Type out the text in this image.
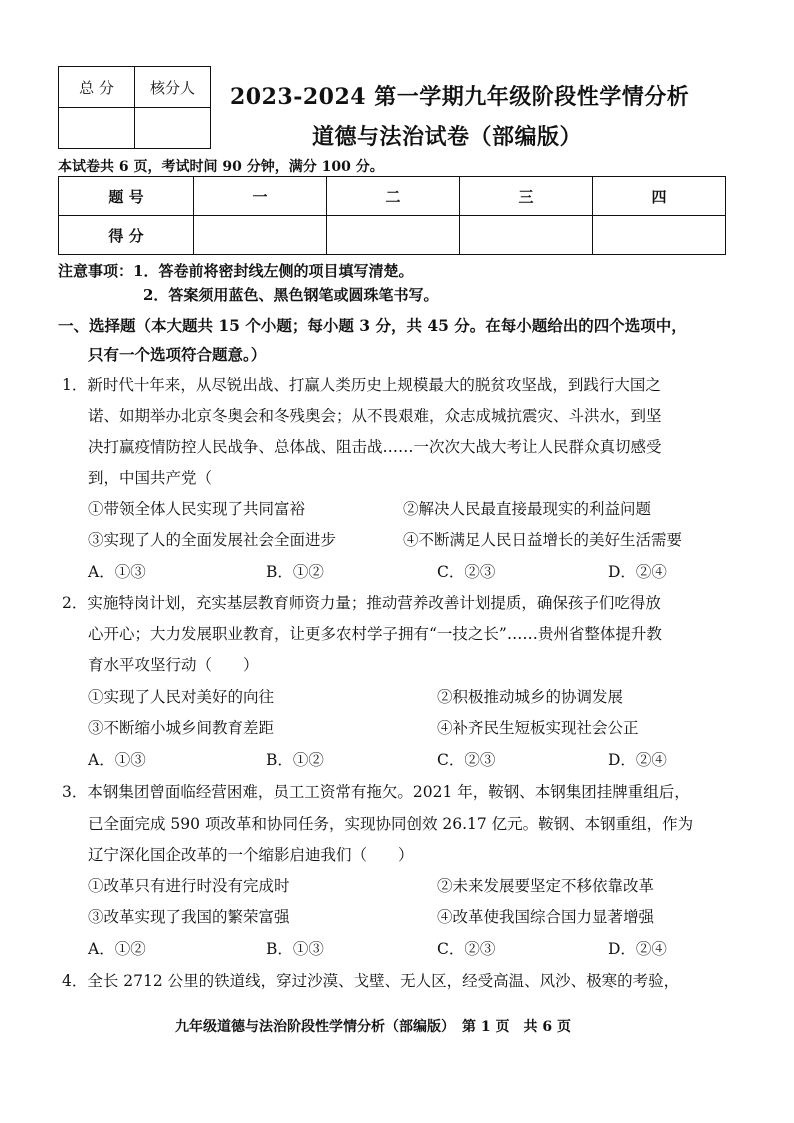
总 分	核分人
	2023-2024 第一学期九年级阶段性学情分析
道德与法治试卷（部编版）
本试卷共 6 页，考试时间 90 分钟，满分 100 分。
题 号	一	二	三	四
得 分				
注意事项：1．答卷前将密封线左侧的项目填写清楚。
2．答案须用蓝色、黑色钢笔或圆珠笔书写。
一、选择题（本大题共 15 个小题；每小题 3 分，共 45 分。在每小题给出的四个选项中，
只有一个选项符合题意。）
1．新时代十年来，从尽锐出战、打赢人类历史上规模最大的脱贫攻坚战，到践行大国之
诺、如期举办北京冬奥会和冬残奥会；从不畏艰难，众志成城抗震灾、斗洪水，到坚
决打赢疫情防控人民战争、总体战、阻击战……一次次大战大考让人民群众真切感受
到，中国共产党（
①带领全体人民实现了共同富裕	②解决人民最直接最现实的利益问题
③实现了人的全面发展社会全面进步	④不断满足人民日益增长的美好生活需要
A．①③	B．①②	C．②③	D．②④
2．实施特岗计划，充实基层教育师资力量；推动营养改善计划提质，确保孩子们吃得放
心开心；大力发展职业教育，让更多农村学子拥有“一技之长”……贵州省整体提升教
育水平攻坚行动（　　）
①实现了人民对美好的向往	②积极推动城乡的协调发展
③不断缩小城乡间教育差距	④补齐民生短板实现社会公正
A．①③	B．①②	C．②③	D．②④
3．本钢集团曾面临经营困难，员工工资常有拖欠。2021 年，鞍钢、本钢集团挂牌重组后，
已全面完成 590 项改革和协同任务，实现协同创效 26.17 亿元。鞍钢、本钢重组，作为
辽宁深化国企改革的一个缩影启迪我们（　　）
①改革只有进行时没有完成时	②未来发展要坚定不移依靠改革
③改革实现了我国的繁荣富强	④改革使我国综合国力显著增强
A．①②	B．①③	C．②③	D．②④
4．全长 2712 公里的铁道线，穿过沙漠、戈壁、无人区，经受高温、风沙、极寒的考验，
九年级道德与法治阶段性学情分析（部编版）　第 1 页　共 6 页
